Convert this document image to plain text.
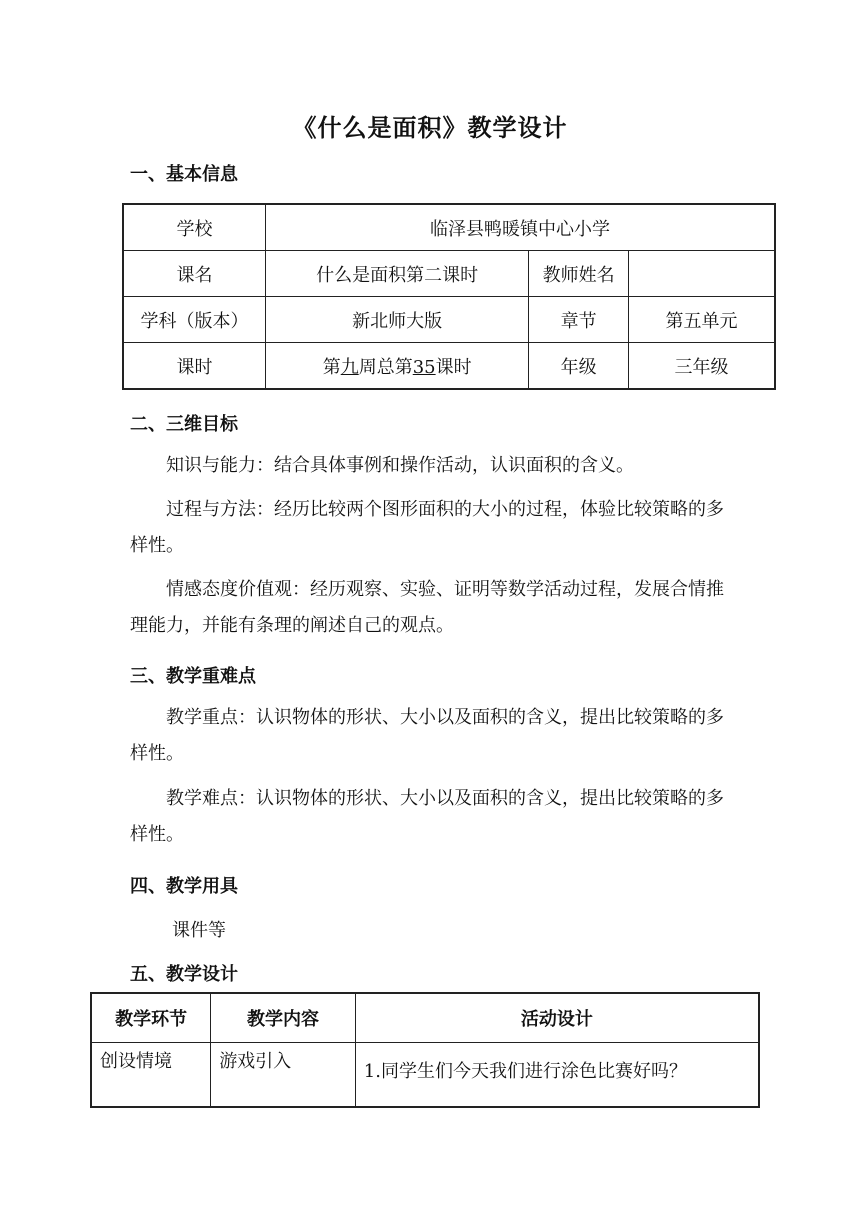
《什么是面积》教学设计
一、基本信息
学校	临泽县鸭暖镇中心小学		
课名	什么是面积第二课时	教师姓名	
学科（版本）	新北师大版	章节	第五单元
课时	第九周总第35课时	年级	三年级
二、三维目标

知识与能力：结合具体事例和操作活动，认识面积的含义。

过程与方法：经历比较两个图形面积的大小的过程，体验比较策略的多样性。

情感态度价值观：经历观察、实验、证明等数学活动过程，发展合情推理能力，并能有条理的阐述自己的观点。

三、教学重难点

教学重点：认识物体的形状、大小以及面积的含义，提出比较策略的多样性。

教学难点：认识物体的形状、大小以及面积的含义，提出比较策略的多样性。

四、教学用具
课件等
五、教学设计
教学环节	教学内容	活动设计
创设情境	游戏引入	1.同学生们今天我们进行涂色比赛好吗？
